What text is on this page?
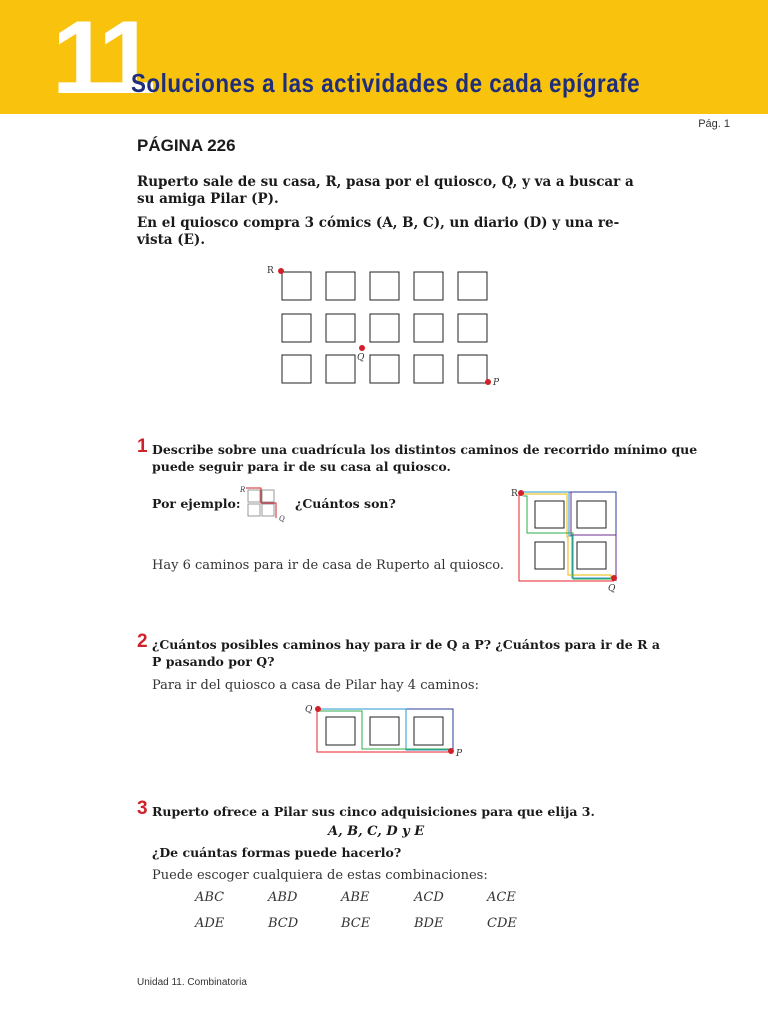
11
Soluciones a las actividades de cada epígrafe
Pág. 1
PÁGINA 226
Ruperto sale de su casa, R, pasa por el quiosco, Q, y va a buscar a
su amiga Pilar (P).
En el quiosco compra 3 cómics (A, B, C), un diario (D) y una re-
vista (E).
R
Q
P
1 Describe sobre una cuadrícula los distintos caminos de recorrido mínimo que
puede seguir para ir de su casa al quiosco.
Por ejemplo:
R
Q
¿Cuántos son?
Hay 6 caminos para ir de casa de Ruperto al quiosco.
R
Q
2 ¿Cuántos posibles caminos hay para ir de Q a P? ¿Cuántos para ir de R a
P pasando por Q?
Para ir del quiosco a casa de Pilar hay 4 caminos:
Q
P
3 Ruperto ofrece a Pilar sus cinco adquisiciones para que elija 3.
A, B, C, D y E
¿De cuántas formas puede hacerlo?
Puede escoger cualquiera de estas combinaciones:
ABC	ABD	ABE	ACD	ACE
ADE	BCD	BCE	BDE	CDE
Unidad 11. Combinatoria
